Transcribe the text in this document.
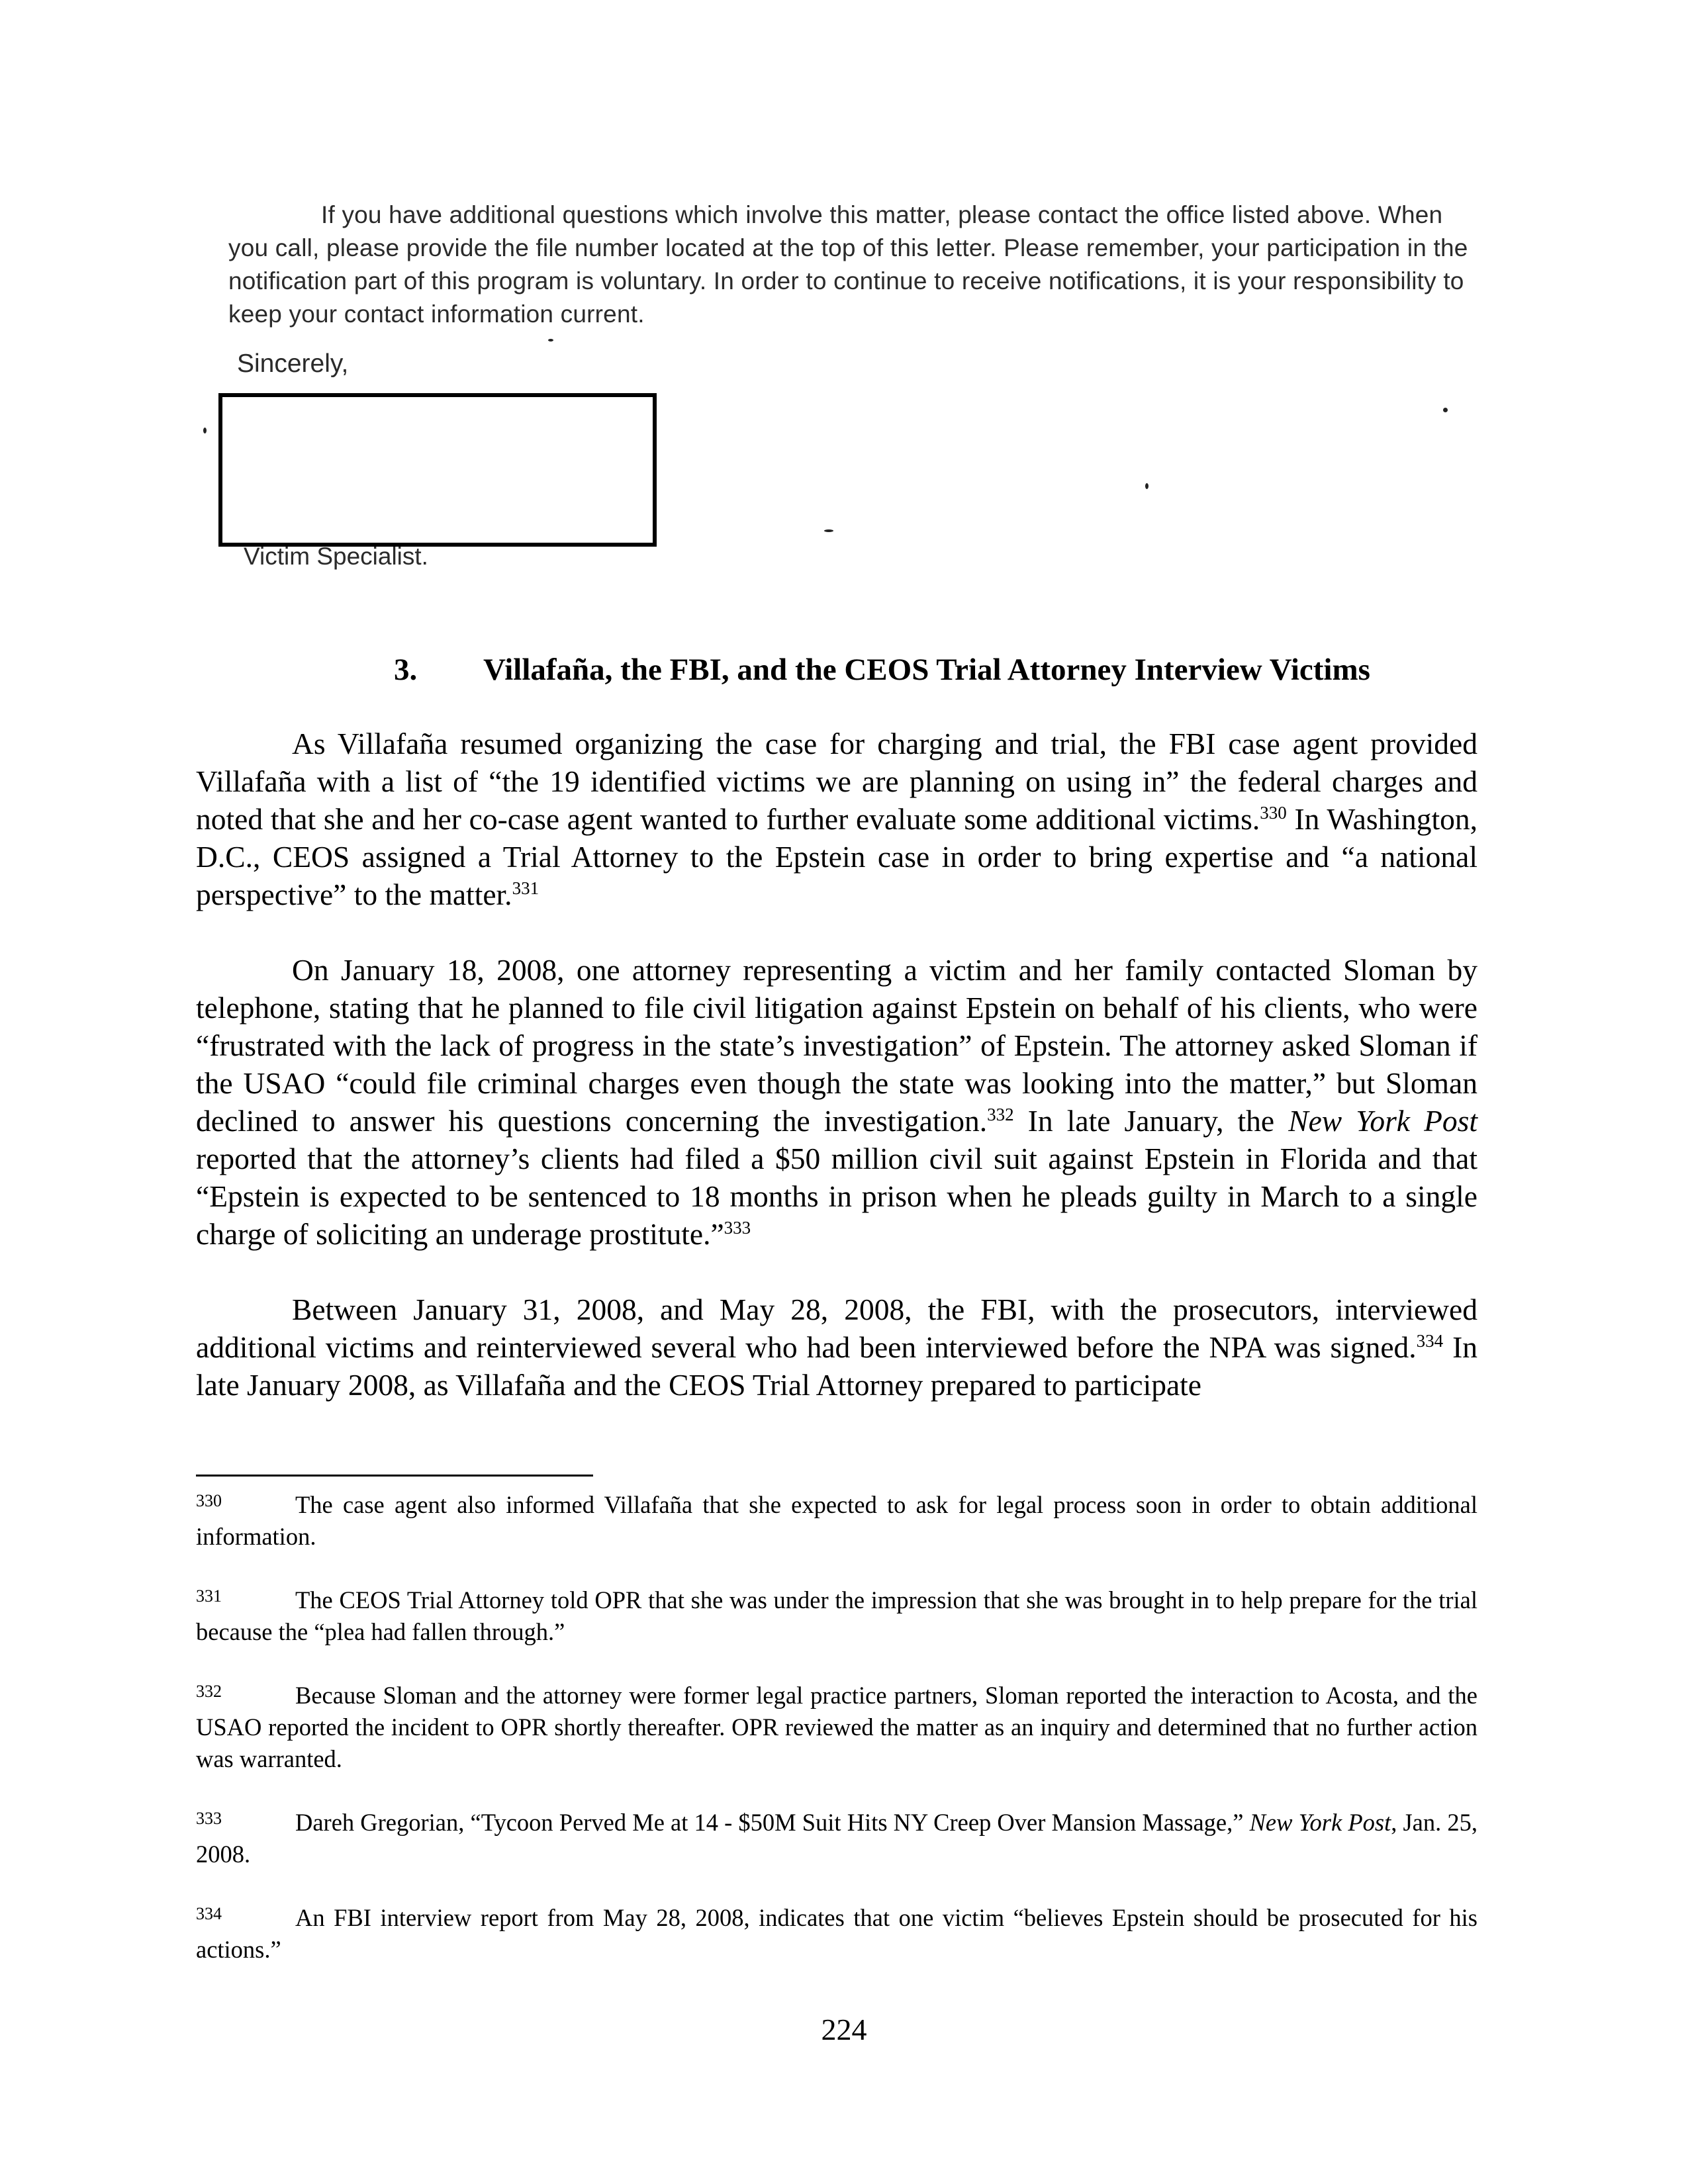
If you have additional questions which involve this matter, please contact the office listed above. When you call, please provide the file number located at the top of this letter. Please remember, your participation in the notification part of this program is voluntary. In order to continue to receive notifications, it is your responsibility to keep your contact information current.

Sincerely,
Victim Specialist.
3.	Villafaña, the FBI, and the CEOS Trial Attorney Interview Victims

As Villafaña resumed organizing the case for charging and trial, the FBI case agent provided Villafaña with a list of “the 19 identified victims we are planning on using in” the federal charges and noted that she and her co-case agent wanted to further evaluate some additional victims.$^{330}$ In Washington, D.C., CEOS assigned a Trial Attorney to the Epstein case in order to bring expertise and “a national perspective” to the matter.$^{331}$

On January 18, 2008, one attorney representing a victim and her family contacted Sloman by telephone, stating that he planned to file civil litigation against Epstein on behalf of his clients, who were “frustrated with the lack of progress in the state’s investigation” of Epstein. The attorney asked Sloman if the USAO “could file criminal charges even though the state was looking into the matter,” but Sloman declined to answer his questions concerning the investigation.$^{332}$ In late January, the New York Post reported that the attorney’s clients had filed a $50 million civil suit against Epstein in Florida and that “Epstein is expected to be sentenced to 18 months in prison when he pleads guilty in March to a single charge of soliciting an underage prostitute.”$^{333}$

Between January 31, 2008, and May 28, 2008, the FBI, with the prosecutors, interviewed additional victims and reinterviewed several who had been interviewed before the NPA was signed.$^{334}$ In late January 2008, as Villafaña and the CEOS Trial Attorney prepared to participate

330	The case agent also informed Villafaña that she expected to ask for legal process soon in order to obtain additional information.

331	The CEOS Trial Attorney told OPR that she was under the impression that she was brought in to help prepare for the trial because the “plea had fallen through.”

332	Because Sloman and the attorney were former legal practice partners, Sloman reported the interaction to Acosta, and the USAO reported the incident to OPR shortly thereafter. OPR reviewed the matter as an inquiry and determined that no further action was warranted.

333	Dareh Gregorian, “Tycoon Perved Me at 14 - $50M Suit Hits NY Creep Over Mansion Massage,” New York Post, Jan. 25, 2008.

334	An FBI interview report from May 28, 2008, indicates that one victim “believes Epstein should be prosecuted for his actions.”

224
